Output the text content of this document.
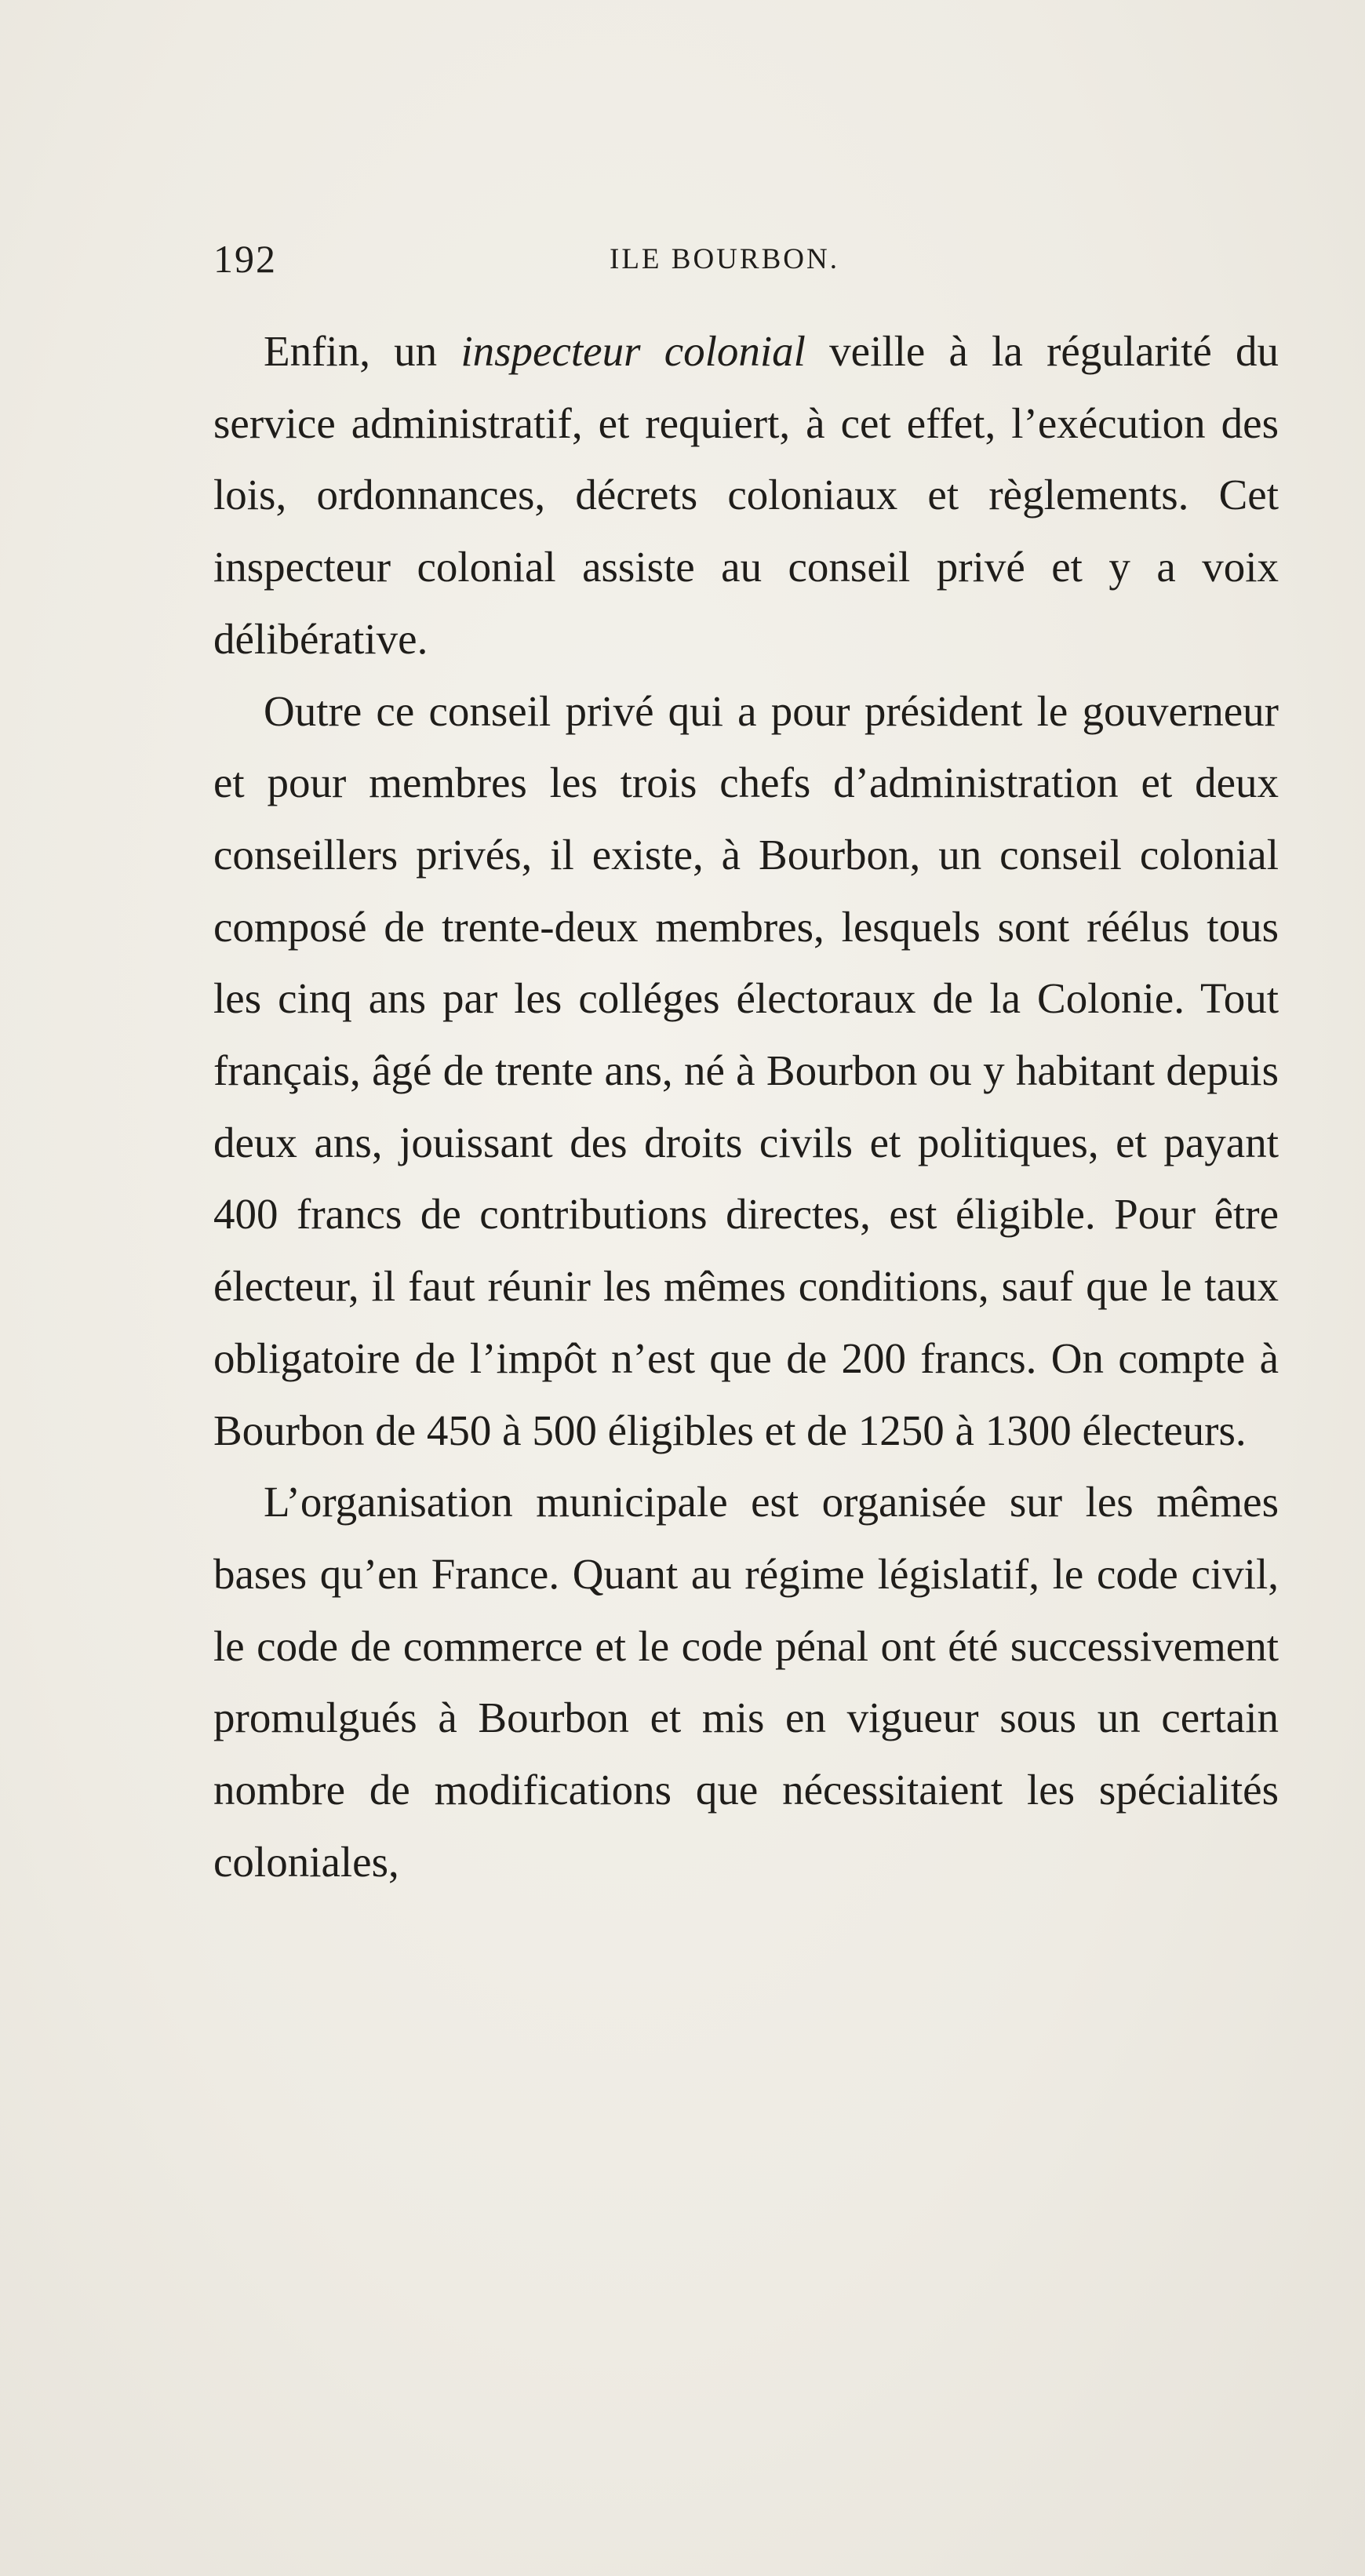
192	ILE BOURBON.

Enfin, un inspecteur colonial veille à la régularité du service administratif, et requiert, à cet effet, l’exécution des lois, ordonnances, décrets coloniaux et règlements. Cet inspecteur colonial assiste au conseil privé et y a voix délibérative.

Outre ce conseil privé qui a pour président le gouverneur et pour membres les trois chefs d’administration et deux conseillers privés, il existe, à Bourbon, un conseil colonial composé de trente-deux membres, lesquels sont réélus tous les cinq ans par les colléges électoraux de la Colonie. Tout français, âgé de trente ans, né à Bourbon ou y habitant depuis deux ans, jouissant des droits civils et politiques, et payant 400 francs de contributions directes, est éligible. Pour être électeur, il faut réunir les mêmes conditions, sauf que le taux obligatoire de l’impôt n’est que de 200 francs. On compte à Bourbon de 450 à 500 éligibles et de 1250 à 1300 électeurs.

L’organisation municipale est organisée sur les mêmes bases qu’en France. Quant au régime législatif, le code civil, le code de commerce et le code pénal ont été successivement promulgués à Bourbon et mis en vigueur sous un certain nombre de modifications que nécessitaient les spécialités coloniales,
